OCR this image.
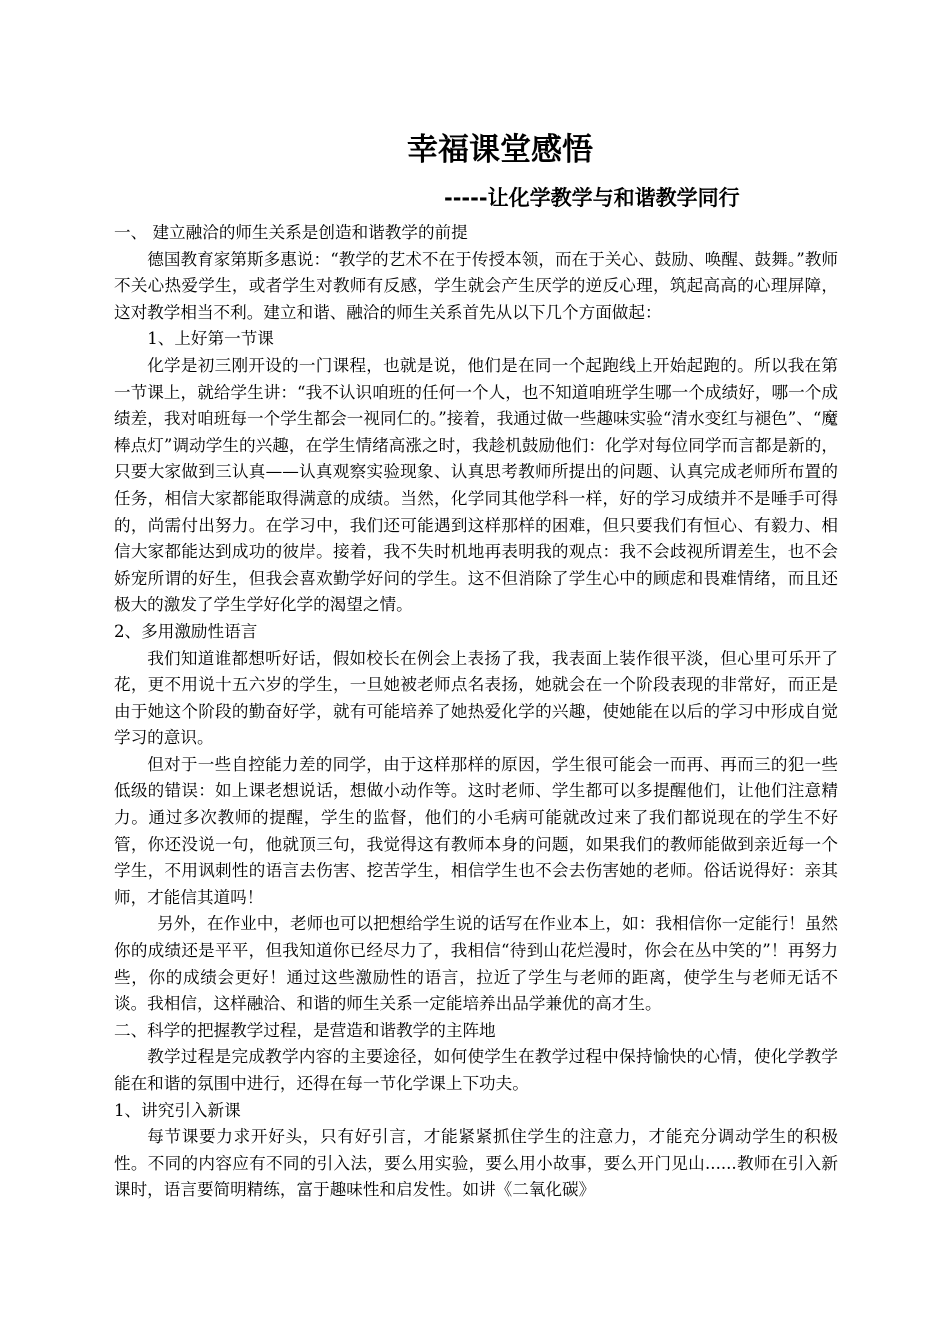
幸福课堂感悟
-----让化学教学与和谐教学同行

一、 建立融洽的师生关系是创造和谐教学的前提

德国教育家第斯多惠说：“教学的艺术不在于传授本领，而在于关心、鼓励、唤醒、鼓舞。”教师不关心热爱学生，或者学生对教师有反感，学生就会产生厌学的逆反心理，筑起高高的心理屏障，这对教学相当不利。建立和谐、融洽的师生关系首先从以下几个方面做起：

1、上好第一节课

化学是初三刚开设的一门课程，也就是说，他们是在同一个起跑线上开始起跑的。所以我在第一节课上，就给学生讲：“我不认识咱班的任何一个人，也不知道咱班学生哪一个成绩好，哪一个成绩差，我对咱班每一个学生都会一视同仁的。”接着，我通过做一些趣味实验“清水变红与褪色”、“魔棒点灯”调动学生的兴趣，在学生情绪高涨之时，我趁机鼓励他们：化学对每位同学而言都是新的，只要大家做到三认真——认真观察实验现象、认真思考教师所提出的问题、认真完成老师所布置的任务，相信大家都能取得满意的成绩。当然，化学同其他学科一样，好的学习成绩并不是唾手可得的，尚需付出努力。在学习中，我们还可能遇到这样那样的困难，但只要我们有恒心、有毅力、相信大家都能达到成功的彼岸。接着，我不失时机地再表明我的观点：我不会歧视所谓差生，也不会娇宠所谓的好生，但我会喜欢勤学好问的学生。这不但消除了学生心中的顾虑和畏难情绪，而且还极大的激发了学生学好化学的渴望之情。

2、多用激励性语言

我们知道谁都想听好话，假如校长在例会上表扬了我，我表面上装作很平淡，但心里可乐开了花，更不用说十五六岁的学生，一旦她被老师点名表扬，她就会在一个阶段表现的非常好，而正是由于她这个阶段的勤奋好学，就有可能培养了她热爱化学的兴趣，使她能在以后的学习中形成自觉学习的意识。

但对于一些自控能力差的同学，由于这样那样的原因，学生很可能会一而再、再而三的犯一些低级的错误：如上课老想说话，想做小动作等。这时老师、学生都可以多提醒他们，让他们注意精力。通过多次教师的提醒，学生的监督，他们的小毛病可能就改过来了我们都说现在的学生不好管，你还没说一句，他就顶三句，我觉得这有教师本身的问题，如果我们的教师能做到亲近每一个学生，不用讽刺性的语言去伤害、挖苦学生，相信学生也不会去伤害她的老师。俗话说得好：亲其师，才能信其道吗！

另外，在作业中，老师也可以把想给学生说的话写在作业本上，如：我相信你一定能行！虽然你的成绩还是平平，但我知道你已经尽力了，我相信“待到山花烂漫时，你会在丛中笑的”！再努力些，你的成绩会更好！通过这些激励性的语言，拉近了学生与老师的距离，使学生与老师无话不谈。我相信，这样融洽、和谐的师生关系一定能培养出品学兼优的高才生。

二、科学的把握教学过程，是营造和谐教学的主阵地

教学过程是完成教学内容的主要途径，如何使学生在教学过程中保持愉快的心情，使化学教学能在和谐的氛围中进行，还得在每一节化学课上下功夫。

1、讲究引入新课

每节课要力求开好头，只有好引言，才能紧紧抓住学生的注意力，才能充分调动学生的积极性。不同的内容应有不同的引入法，要么用实验，要么用小故事，要么开门见山......教师在引入新课时，语言要简明精练，富于趣味性和启发性。如讲《二氧化碳》
